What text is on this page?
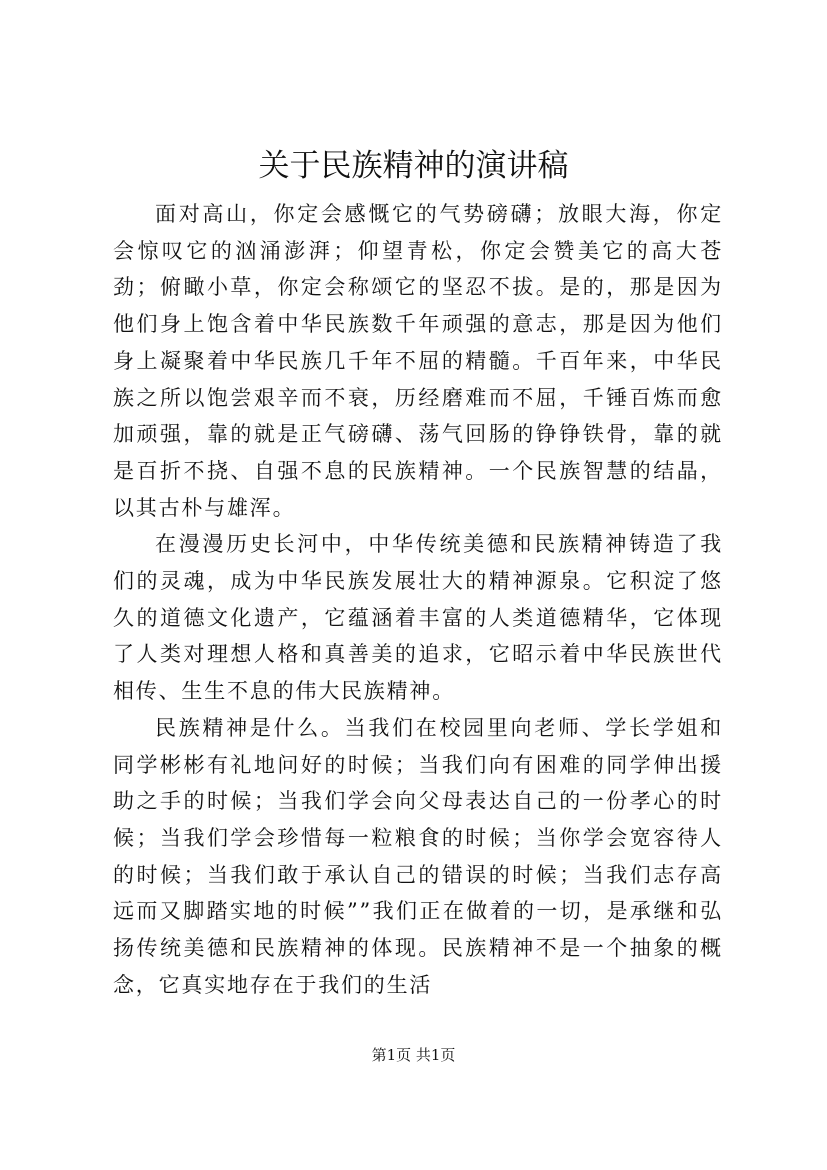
关于民族精神的演讲稿

面对高山，你定会感慨它的气势磅礴；放眼大海，你定会惊叹它的汹涌澎湃；仰望青松，你定会赞美它的高大苍劲；俯瞰小草，你定会称颂它的坚忍不拔。是的，那是因为他们身上饱含着中华民族数千年顽强的意志，那是因为他们身上凝聚着中华民族几千年不屈的精髓。千百年来，中华民族之所以饱尝艰辛而不衰，历经磨难而不屈，千锤百炼而愈加顽强，靠的就是正气磅礴、荡气回肠的铮铮铁骨，靠的就是百折不挠、自强不息的民族精神。一个民族智慧的结晶，以其古朴与雄浑。

在漫漫历史长河中，中华传统美德和民族精神铸造了我们的灵魂，成为中华民族发展壮大的精神源泉。它积淀了悠久的道德文化遗产，它蕴涵着丰富的人类道德精华，它体现了人类对理想人格和真善美的追求，它昭示着中华民族世代相传、生生不息的伟大民族精神。

民族精神是什么。当我们在校园里向老师、学长学姐和同学彬彬有礼地问好的时候；当我们向有困难的同学伸出援助之手的时候；当我们学会向父母表达自己的一份孝心的时候；当我们学会珍惜每一粒粮食的时候；当你学会宽容待人的时候；当我们敢于承认自己的错误的时候；当我们志存高远而又脚踏实地的时候””我们正在做着的一切，是承继和弘扬传统美德和民族精神的体现。民族精神不是一个抽象的概念，它真实地存在于我们的生活

第1页 共1页
